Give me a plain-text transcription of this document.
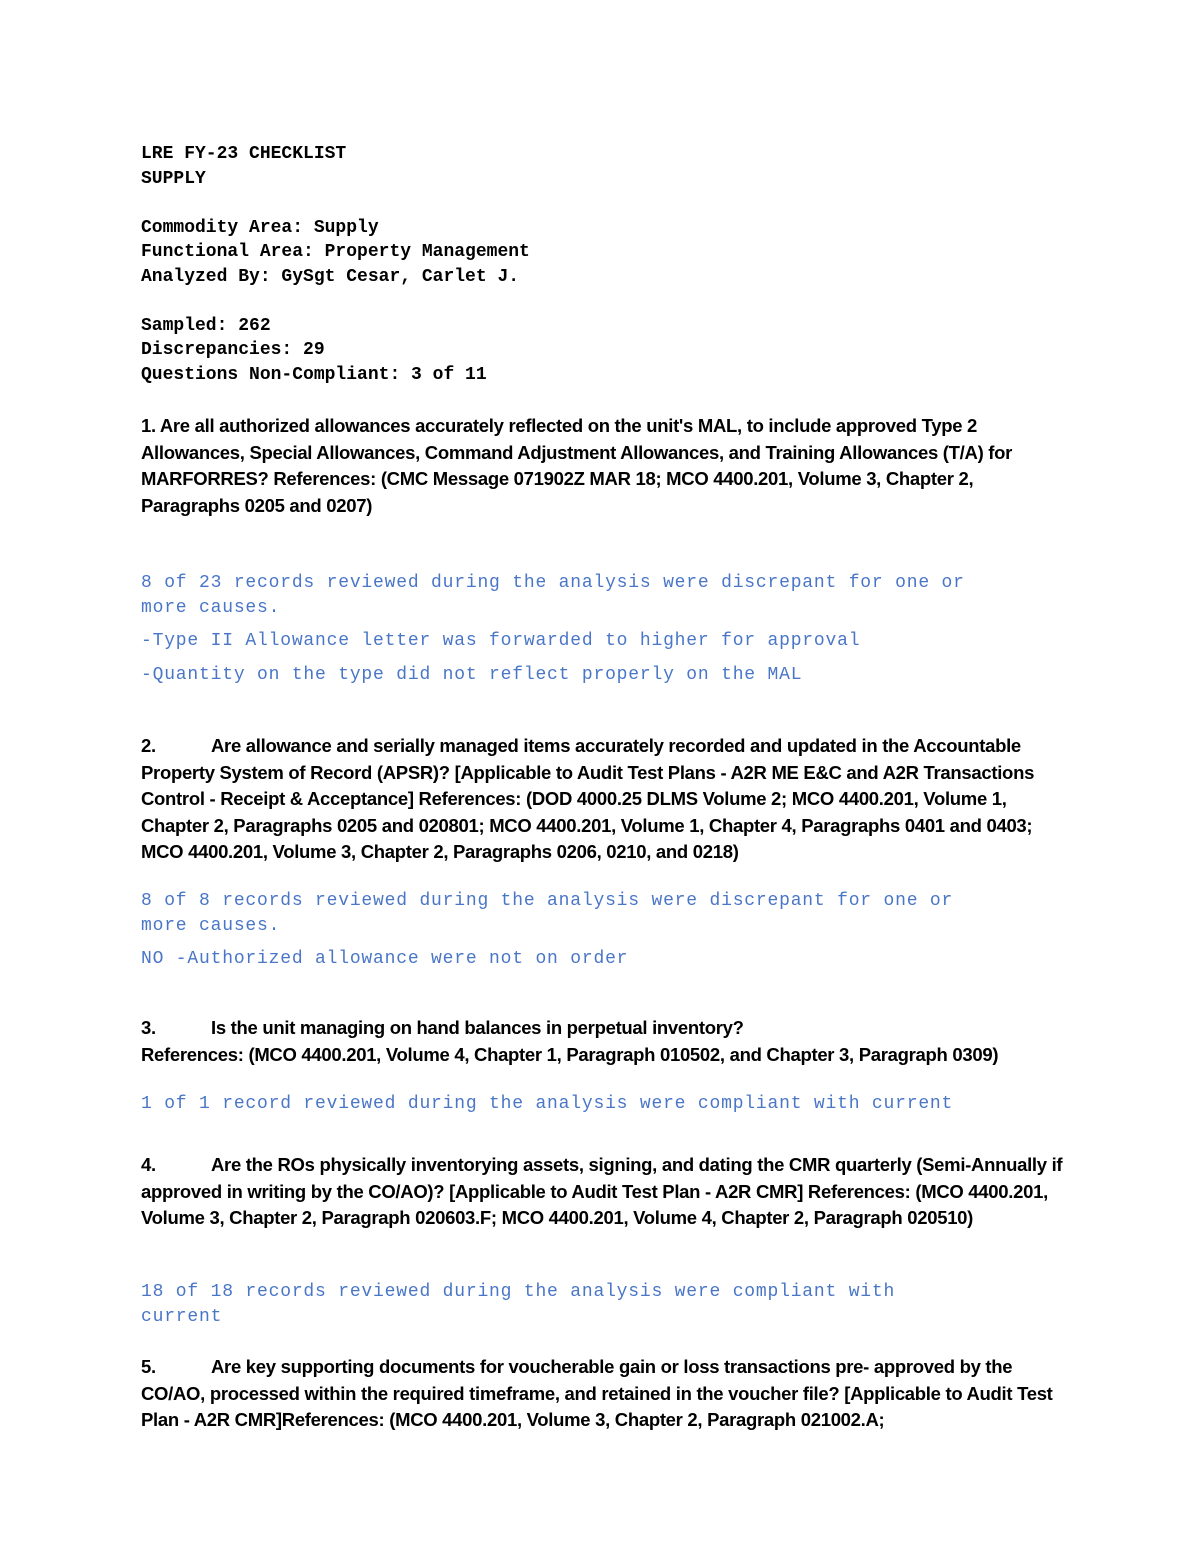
LRE FY-23 CHECKLIST

SUPPLY

Commodity Area: Supply

Functional Area: Property Management

Analyzed By: GySgt Cesar, Carlet J.

Sampled: 262

Discrepancies: 29

Questions Non-Compliant: 3 of 11

1. Are all authorized allowances accurately reflected on the unit's MAL, to include approved Type 2 Allowances, Special Allowances, Command Adjustment Allowances, and Training Allowances (T/A) for MARFORRES? References: (CMC Message 071902Z MAR 18; MCO 4400.201, Volume 3, Chapter 2, Paragraphs 0205 and 0207)

8 of 23 records reviewed during the analysis were discrepant for one or
more causes.
-Type II Allowance letter was forwarded to higher for approval
-Quantity on the type did not reflect properly on the MAL

2.	Are allowance and serially managed items accurately recorded and updated in the Accountable Property System of Record (APSR)? [Applicable to Audit Test Plans - A2R ME E&C and A2R Transactions Control - Receipt & Acceptance] References: (DOD 4000.25 DLMS Volume 2; MCO 4400.201, Volume 1, Chapter 2, Paragraphs 0205 and 020801; MCO 4400.201, Volume 1, Chapter 4, Paragraphs 0401 and 0403; MCO 4400.201, Volume 3, Chapter 2, Paragraphs 0206, 0210, and 0218)

8 of 8 records reviewed during the analysis were discrepant for one or
more causes.
NO -Authorized allowance were not on order

3.	Is the unit managing on hand balances in perpetual inventory?
References: (MCO 4400.201, Volume 4, Chapter 1, Paragraph 010502, and Chapter 3, Paragraph 0309)

1 of 1 record reviewed during the analysis were compliant with current

4.	Are the ROs physically inventorying assets, signing, and dating the CMR quarterly (Semi-Annually if approved in writing by the CO/AO)? [Applicable to Audit Test Plan - A2R CMR] References: (MCO 4400.201, Volume 3, Chapter 2, Paragraph 020603.F; MCO 4400.201, Volume 4, Chapter 2, Paragraph 020510)

18 of 18 records reviewed during the analysis were compliant with
current

5.	Are key supporting documents for voucherable gain or loss transactions pre- approved by the CO/AO, processed within the required timeframe, and retained in the voucher file? [Applicable to Audit Test Plan - A2R CMR]References: (MCO 4400.201, Volume 3, Chapter 2, Paragraph 021002.A;
